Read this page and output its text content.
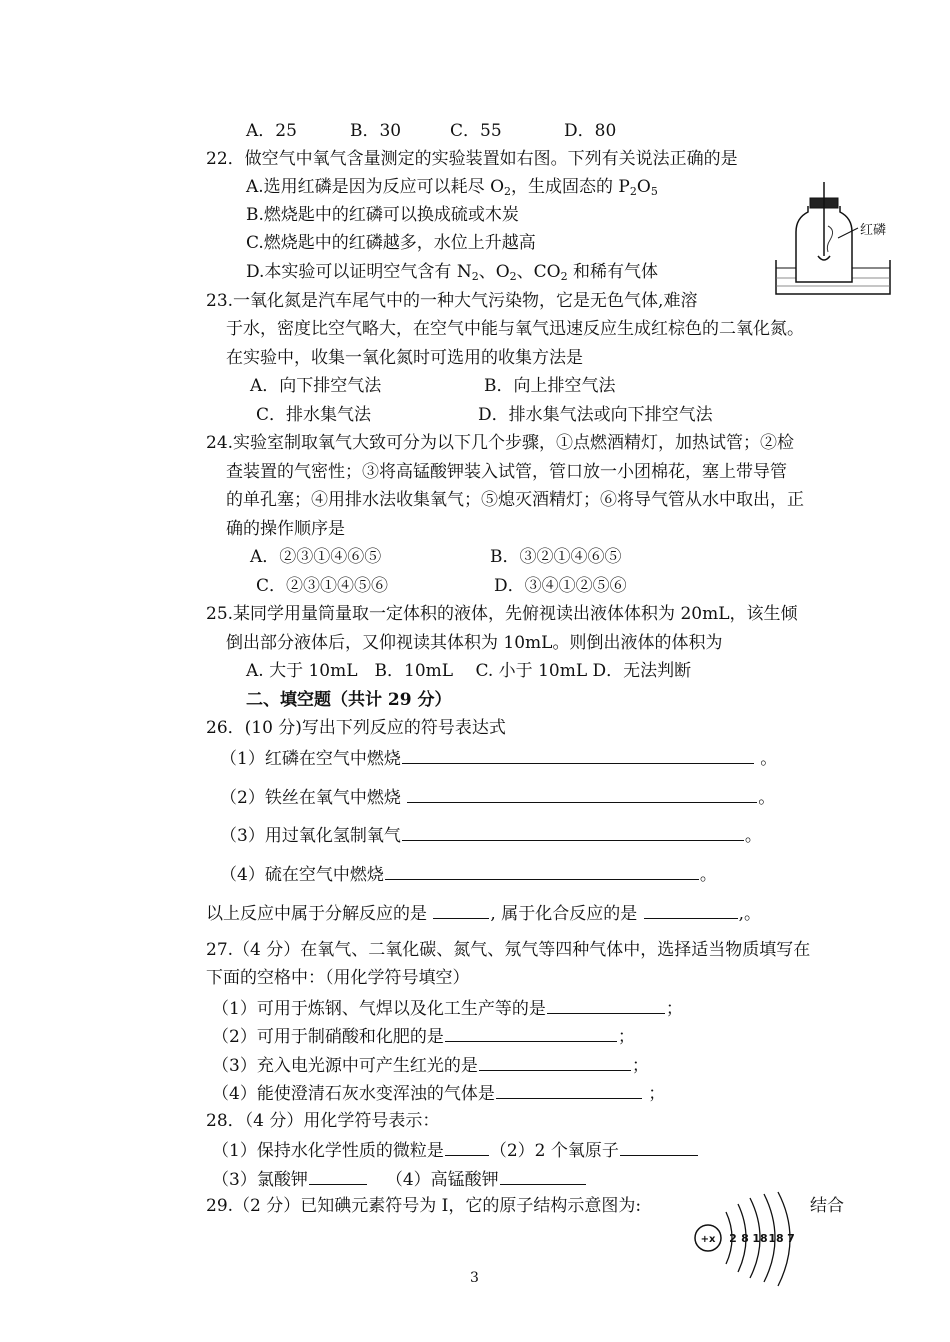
A．25	B．30	C．55	D．80
22．做空气中氧气含量测定的实验装置如右图。下列有关说法正确的是
A.选用红磷是因为反应可以耗尽 $O_2$，生成固态的 $P_2O_5$
B.燃烧匙中的红磷可以换成硫或木炭
C.燃烧匙中的红磷越多，水位上升越高
D.本实验可以证明空气含有 $N_2$、$O_2$、$CO_2$ 和稀有气体
红磷
23.一氧化氮是汽车尾气中的一种大气污染物，它是无色气体,难溶
于水，密度比空气略大，在空气中能与氧气迅速反应生成红棕色的二氧化氮。
在实验中，收集一氧化氮时可选用的收集方法是
A．向下排空气法	B．向上排空气法
C．排水集气法	D．排水集气法或向下排空气法
24.实验室制取氧气大致可分为以下几个步骤，①点燃酒精灯，加热试管；②检
查装置的气密性；③将高锰酸钾装入试管，管口放一小团棉花，塞上带导管
的单孔塞；④用排水法收集氧气；⑤熄灭酒精灯；⑥将导气管从水中取出，正
确的操作顺序是
A．②③①④⑥⑤	B．③②①④⑥⑤
C．②③①④⑤⑥	D．③④①②⑤⑥
25.某同学用量筒量取一定体积的液体，先俯视读出液体体积为 20mL，该生倾
倒出部分液体后，又仰视读其体积为 10mL。则倒出液体的体积为
A. 大于 10mL　B．10mL　 C. 小于 10mL D．无法判断
二、填空题（共计 29 分）
26．(10 分)写出下列反应的符号表达式
（1）红磷在空气中燃烧	。
（2）铁丝在氧气中燃烧	。
（3）用过氧化氢制氧气	。
（4）硫在空气中燃烧	。
以上反应中属于分解反应的是	, 属于化合反应的是	,。
27.（4 分）在氧气、二氧化碳、氮气、氖气等四种气体中，选择适当物质填写在
下面的空格中：（用化学符号填空）
（1）可用于炼钢、气焊以及化工生产等的是	；
（2）可用于制硝酸和化肥的是	；
（3）充入电光源中可产生红光的是	；
（4）能使澄清石灰水变浑浊的气体是	；
28．（4 分）用化学符号表示：
（1）保持水化学性质的微粒是	（2）2 个氧原子
（3）氯酸钾	（4）高锰酸钾
29.（2 分）已知碘元素符号为 I，它的原子结构示意图为:	结合
+x 2 8 18 18 7
3
